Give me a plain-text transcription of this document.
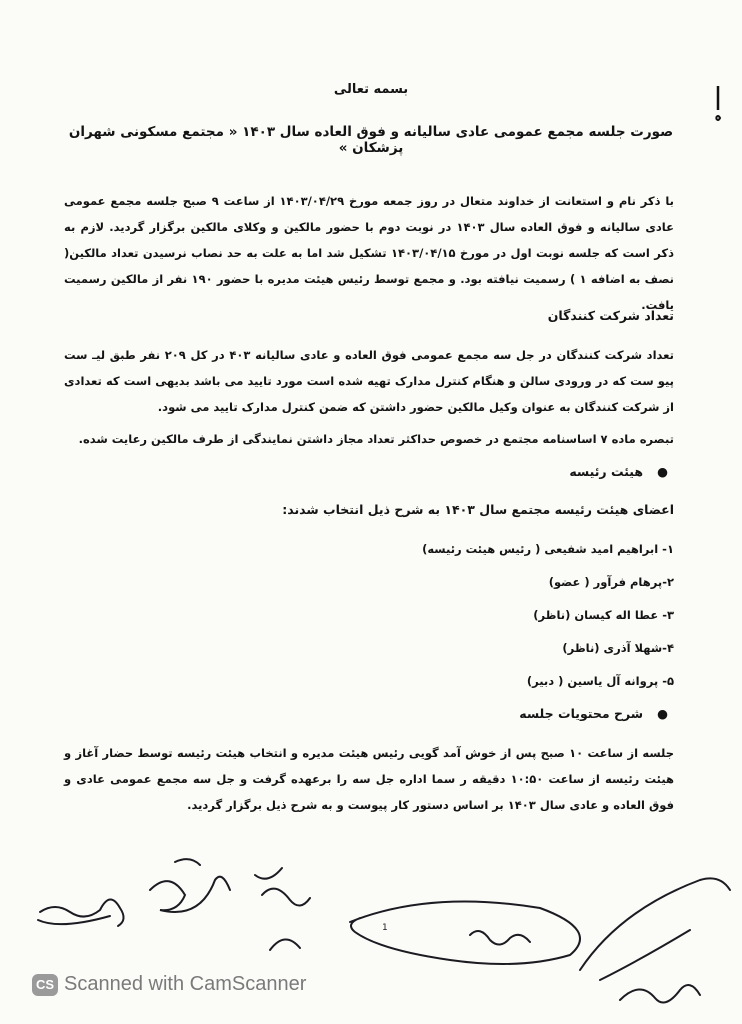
بسمه تعالی
صورت جلسه مجمع عمومی عادی سالیانه و فوق العاده سال ۱۴۰۳ « مجتمع مسکونی شهران پزشکان »
با ذکر نام و استعانت از خداوند متعال در روز جمعه مورخ ۱۴۰۳/۰۴/۲۹ از ساعت ۹ صبح جلسه مجمع عمومی عادی سالیانه و فوق العاده سال ۱۴۰۳ در نوبت دوم با حضور مالکین و وکلای مالکین برگزار گردید. لازم به ذکر است که جلسه نوبت اول در مورخ ۱۴۰۳/۰۴/۱۵ تشکیل شد اما به علت به حد نصاب نرسیدن تعداد مالکین( نصف به اضافه ۱ ) رسمیت نیافته بود. و مجمع توسط رئیس هیئت مدیره با حضور ۱۹۰ نفر از مالکین رسمیت یافت.
تعداد شرکت کنندگان
تعداد شرکت کنندگان در جل سه مجمع عمومی فوق العاده و عادی سالیانه ۴۰۳ در کل ۲۰۹ نفر طبق لیـ ست پیو ست که در ورودی سالن و هنگام کنترل مدارک تهیه شده است مورد تایید می باشد بدیهی است که تعدادی از شرکت کنندگان به عنوان وکیل مالکین حضور داشتن که ضمن کنترل مدارک تایید می شود.
تبصره ماده ۷ اساسنامه مجتمع در خصوص حداکثر تعداد مجاز داشتن نمایندگی از طرف مالکین رعایت شده.
●هیئت رئیسه
اعضای هیئت رئیسه مجتمع سال ۱۴۰۳ به شرح ذیل انتخاب شدند:
۱- ابراهیم امید شفیعی ( رئیس هیئت رئیسه)
۲-پرهام فرآور ( عضو)
۳- عطا اله کیسان (ناظر)
۴-شهلا آذری (ناظر)
۵- پروانه آل یاسین ( دبیر)
●شرح محتویات جلسه
جلسه از ساعت ۱۰ صبح پس از خوش آمد گویی رئیس هیئت مدیره و انتخاب هیئت رئیسه توسط حضار آغاز و هیئت رئیسه از ساعت ۱۰:۵۰ دقیقه ر سما اداره جل سه را برعهده گرفت و جل سه مجمع عمومی عادی و فوق العاده و عادی سال ۱۴۰۳ بر اساس دستور کار پیوست و به شرح ذیل برگزار گردید.
1
CS Scanned with CamScanner
